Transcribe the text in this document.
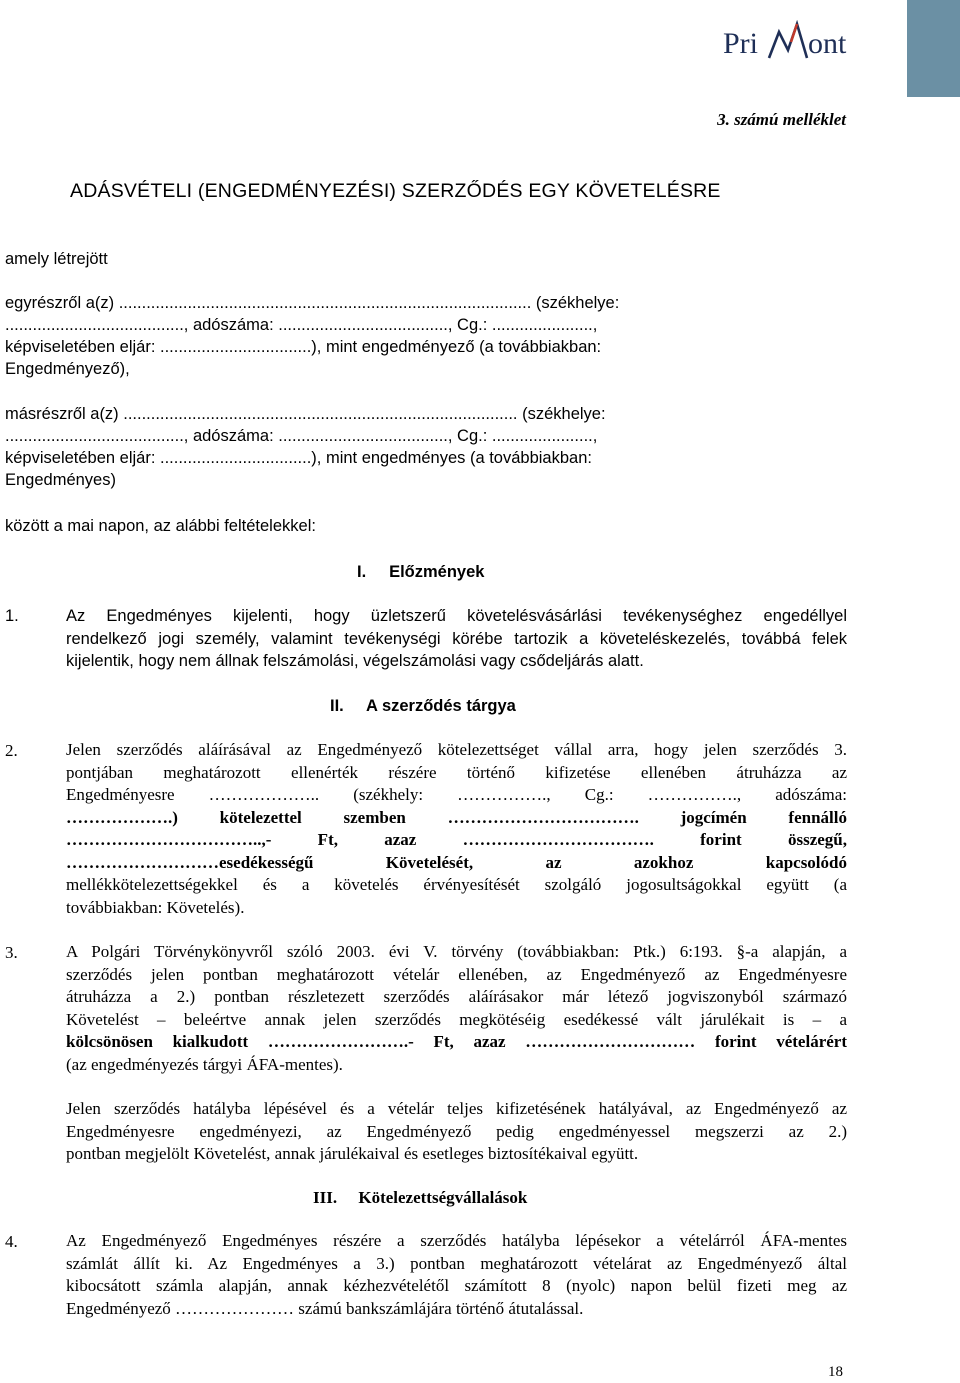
Pri ont
3. számú melléklet
ADÁSVÉTELI (ENGEDMÉNYEZÉSI) SZERZŐDÉS EGY KÖVETELÉSRE
amely létrejött
egyrészről a(z) .......................................................................................... (székhelye:
......................................., adószáma: ....................................., Cg.: ......................,
képviseletében eljár: .................................), mint engedményező (a továbbiakban:
Engedményező),
másrészről a(z) ...................................................................................... (székhelye:
......................................., adószáma: ....................................., Cg.: ......................,
képviseletében eljár: .................................), mint engedményes (a továbbiakban:
Engedményes)
között a mai napon, az alábbi feltételekkel:
I.     Előzmények
1.	Az Engedményes kijelenti, hogy üzletszerű követelésvásárlási tevékenységhez engedéllyel
rendelkező jogi személy, valamint tevékenységi körébe tartozik a követeléskezelés, továbbá felek
kijelentik, hogy nem állnak felszámolási, végelszámolási vagy csődeljárás alatt.
II.     A szerződés tárgya
2.	Jelen szerződés aláírásával az Engedményező kötelezettséget vállal arra, hogy jelen szerződés 3.
pontjában meghatározott ellenérték részére történő kifizetése ellenében átruházza az
Engedményesre ……………….. (székhely: ……………., Cg.: ……………., adószáma:
……………….) kötelezettel szemben ……………………………. jogcímén fennálló
……………………………..,- Ft, azaz ……………………………. forint összegű,
………………………esedékességű Követelését, az azokhoz kapcsolódó
mellékkötelezettségekkel és a követelés érvényesítését szolgáló jogosultságokkal együtt (a
továbbiakban: Követelés).
3.	A Polgári Törvénykönyvről szóló 2003. évi V. törvény (továbbiakban: Ptk.) 6:193. §-a alapján, a
szerződés jelen pontban meghatározott vételár ellenében, az Engedményező az Engedményesre
átruházza a 2.) pontban részletezett szerződés aláírásakor már létező jogviszonyból származó
Követelést – beleértve annak jelen szerződés megkötéséig esedékessé vált járulékait is – a
kölcsönösen kialkudott …………………….- Ft, azaz ………………………… forint vételárért
(az engedményezés tárgyi ÁFA-mentes).
Jelen szerződés hatályba lépésével és a vételár teljes kifizetésének hatályával, az Engedményező az
Engedményesre engedményezi, az Engedményező pedig engedményessel megszerzi az 2.)
pontban megjelölt Követelést, annak járulékaival és esetleges biztosítékaival együtt.
III.     Kötelezettségvállalások
4.	Az Engedményező Engedményes részére a szerződés hatályba lépésekor a vételárról ÁFA-mentes
számlát állít ki. Az Engedményes a 3.) pontban meghatározott vételárat az Engedményező által
kibocsátott számla alapján, annak kézhezvételétől számított 8 (nyolc) napon belül fizeti meg az
Engedményező ………………… számú bankszámlájára történő átutalással.
18
